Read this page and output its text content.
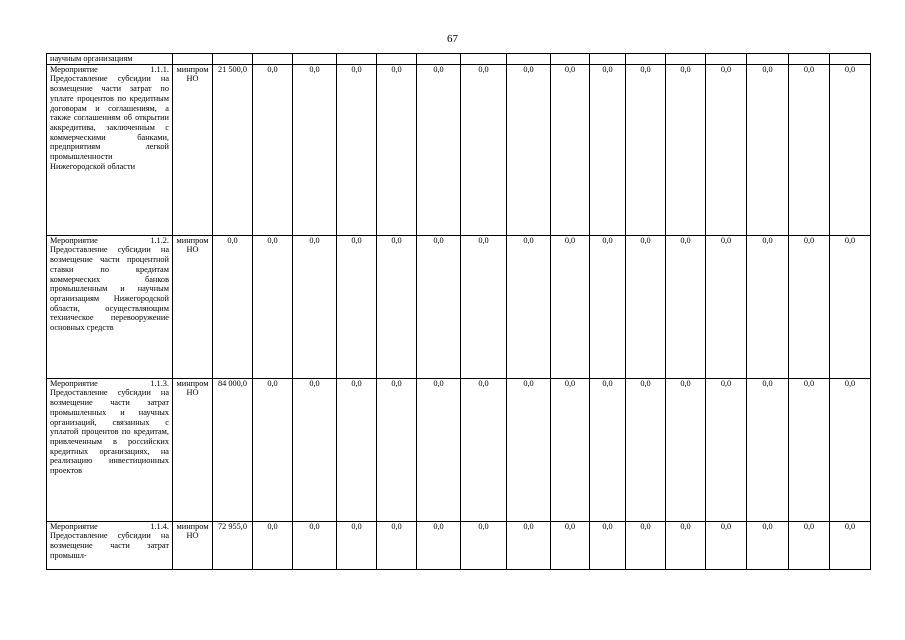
67
научным организациям																	
Мероприятие 1.1.1. Предоставление субсидии на возмещение части затрат по уплате процентов по кредитным договорам и соглашениям, а также соглашениям об открытии аккредитива, заключенным с коммерческими банками, предприятиям легкой промышленности Нижегородской области	минпром НО	21 500,0	0,0	0,0	0,0	0,0	0,0	0,0	0,0	0,0	0,0	0,0	0,0	0,0	0,0	0,0	0,0
Мероприятие 1.1.2. Предоставление субсидии на возмещение части процентной ставки по кредитам коммерческих банков промышленным и научным организациям Нижегородской области, осуществляющим техническое перевооружение основных средств	минпром НО	0,0	0,0	0,0	0,0	0,0	0,0	0,0	0,0	0,0	0,0	0,0	0,0	0,0	0,0	0,0	0,0
Мероприятие 1.1.3. Предоставление субсидии на возмещение части затрат промышленных и научных организаций, связанных с уплатой процентов по кредитам, привлеченным в российских кредитных организациях, на реализацию инвестиционных проектов	минпром НО	84 000,0	0,0	0,0	0,0	0,0	0,0	0,0	0,0	0,0	0,0	0,0	0,0	0,0	0,0	0,0	0,0
Мероприятие 1.1.4. Предоставление субсидии на возмещение части затрат промышл-	минпром НО	72 955,0	0,0	0,0	0,0	0,0	0,0	0,0	0,0	0,0	0,0	0,0	0,0	0,0	0,0	0,0	0,0
